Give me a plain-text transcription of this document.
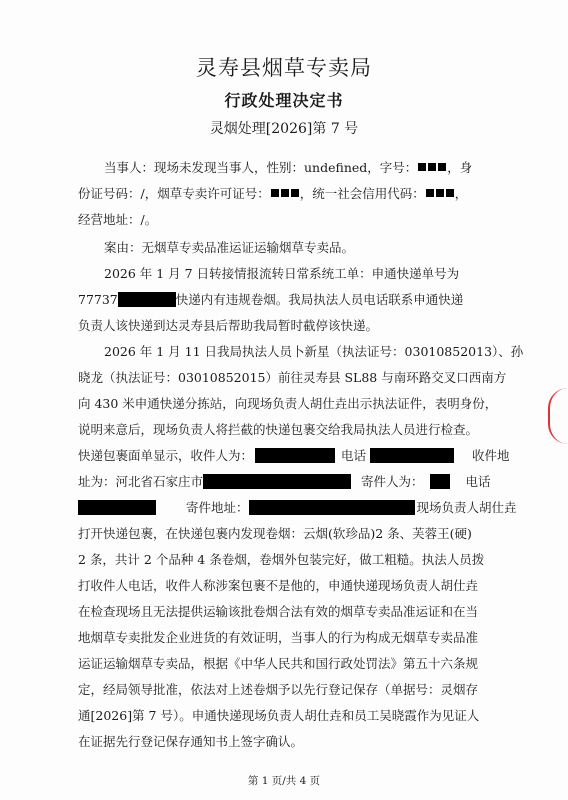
灵寿县烟草专卖局
行政处理决定书
灵烟处理[2026]第 7 号
当事人：现场未发现当事人，性别：undefined，字号： ，身
份证号码：/，烟草专卖许可证号： ，统一社会信用代码： ，
经营地址：/。
案由：无烟草专卖品准运证运输烟草专卖品。
2026 年 1 月 7 日转接情报流转日常系统工单：申通快递单号为
77737	快递内有违规卷烟。我局执法人员电话联系申通快递
负责人该快递到达灵寿县后帮助我局暂时截停该快递。
2026 年 1 月 11 日我局执法人员卜新星（执法证号：03010852013）、孙
晓龙（执法证号：03010852015）前往灵寿县 SL88 与南环路交叉口西南方
向 430 米申通快递分拣站，向现场负责人胡仕垚出示执法证件，表明身份，
说明来意后，现场负责人将拦截的快递包裹交给我局执法人员进行检查。
快递包裹面单显示，收件人为：	电话	收件地
址为：河北省石家庄市	寄件人为：	电话
寄件地址：	现场负责人胡仕垚
打开快递包裹，在快递包裹内发现卷烟：云烟(软珍品)2 条、芙蓉王(硬)
2 条，共计 2 个品种 4 条卷烟，卷烟外包装完好，做工粗糙。执法人员拨
打收件人电话，收件人称涉案包裹不是他的，申通快递现场负责人胡仕垚
在检查现场且无法提供运输该批卷烟合法有效的烟草专卖品准运证和在当
地烟草专卖批发企业进货的有效证明，当事人的行为构成无烟草专卖品准
运证运输烟草专卖品，根据《中华人民共和国行政处罚法》第五十六条规
定，经局领导批准，依法对上述卷烟予以先行登记保存（单据号：灵烟存
通[2026]第 7 号）。申通快递现场负责人胡仕垚和员工吴晓霞作为见证人
在证据先行登记保存通知书上签字确认。
第 1 页/共 4 页
